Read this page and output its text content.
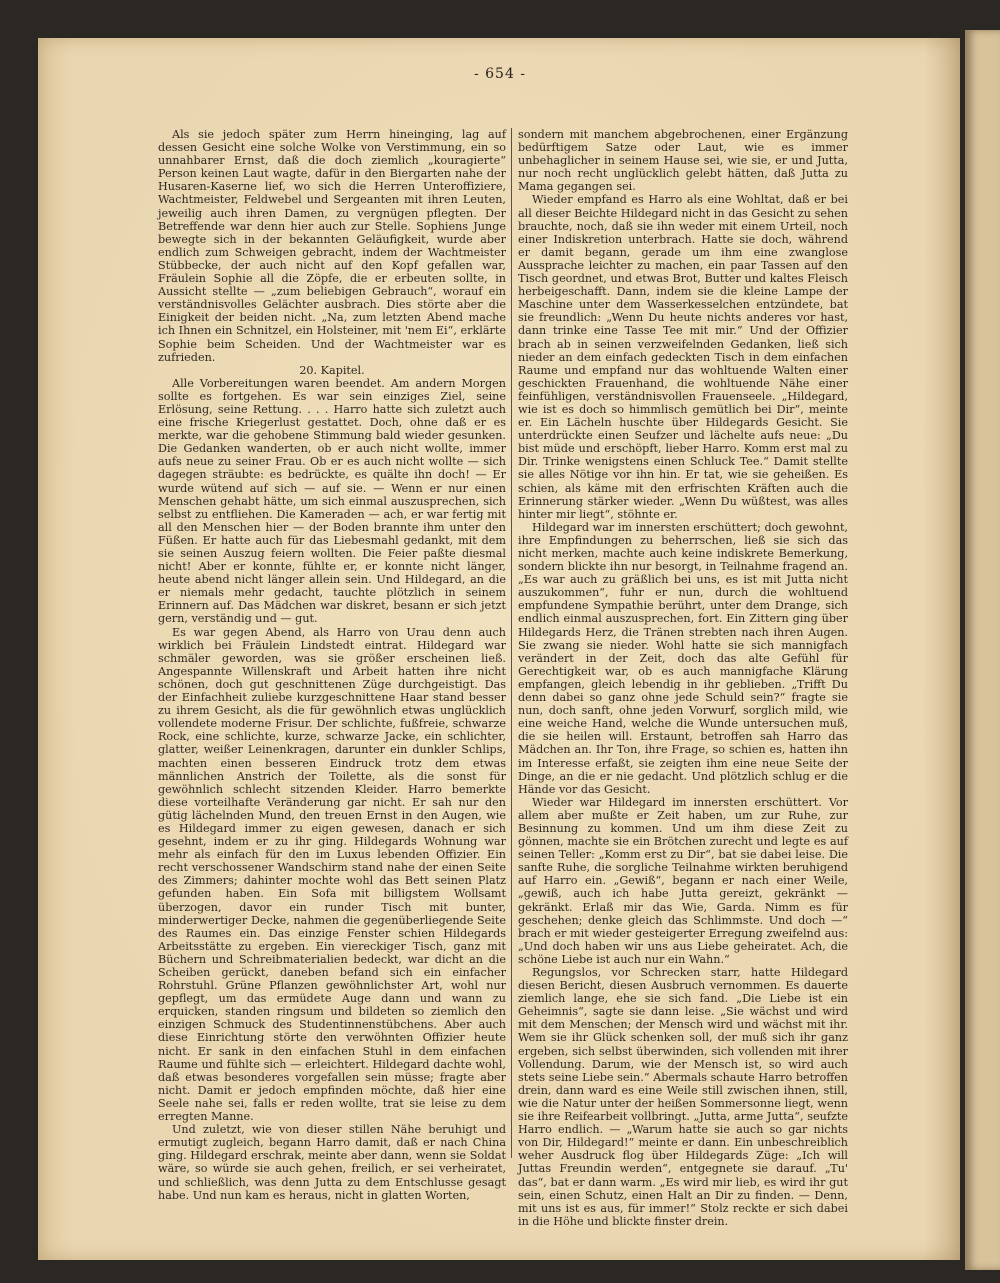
- 654 -

Als sie jedoch später zum Herrn hineinging, lag auf dessen Gesicht eine solche Wolke von Verstimmung, ein so unnahbarer Ernst, daß die doch ziemlich „kouragierte“ Person keinen Laut wagte, dafür in den Biergarten nahe der Husaren-Kaserne lief, wo sich die Herren Unteroffiziere, Wachtmeister, Feldwebel und Sergeanten mit ihren Leuten, jeweilig auch ihren Damen, zu vergnügen pflegten. Der Betreffende war denn hier auch zur Stelle. Sophiens Junge bewegte sich in der bekannten Geläufigkeit, wurde aber endlich zum Schweigen gebracht, indem der Wachtmeister Stübbecke, der auch nicht auf den Kopf gefallen war, Fräulein Sophie all die Zöpfe, die er erbeuten sollte, in Aussicht stellte — „zum beliebigen Gebrauch“, worauf ein verständnisvolles Gelächter ausbrach. Dies störte aber die Einigkeit der beiden nicht. „Na, zum letzten Abend mache ich Ihnen ein Schnitzel, ein Holsteiner, mit 'nem Ei“, erklärte Sophie beim Scheiden. Und der Wachtmeister war es zufrieden.

20. Kapitel.

Alle Vorbereitungen waren beendet. Am andern Morgen sollte es fortgehen. Es war sein einziges Ziel, seine Erlösung, seine Rettung. . . . Harro hatte sich zuletzt auch eine frische Kriegerlust gestattet. Doch, ohne daß er es merkte, war die gehobene Stimmung bald wieder gesunken. Die Gedanken wanderten, ob er auch nicht wollte, immer aufs neue zu seiner Frau. Ob er es auch nicht wollte — sich dagegen sträubte: es bedrückte, es quälte ihn doch! — Er wurde wütend auf sich — auf sie. — Wenn er nur einen Menschen gehabt hätte, um sich einmal auszusprechen, sich selbst zu entfliehen. Die Kameraden — ach, er war fertig mit all den Menschen hier — der Boden brannte ihm unter den Füßen. Er hatte auch für das Liebesmahl gedankt, mit dem sie seinen Auszug feiern wollten. Die Feier paßte diesmal nicht! Aber er konnte, fühlte er, er konnte nicht länger, heute abend nicht länger allein sein. Und Hildegard, an die er niemals mehr gedacht, tauchte plötzlich in seinem Erinnern auf. Das Mädchen war diskret, besann er sich jetzt gern, verständig und — gut.

Es war gegen Abend, als Harro von Urau denn auch wirklich bei Fräulein Lindstedt eintrat. Hildegard war schmäler geworden, was sie größer erscheinen ließ. Angespannte Willenskraft und Arbeit hatten ihre nicht schönen, doch gut geschnittenen Züge durchgeistigt. Das der Einfachheit zuliebe kurzgeschnittene Haar stand besser zu ihrem Gesicht, als die für gewöhnlich etwas unglücklich vollendete moderne Frisur. Der schlichte, fußfreie, schwarze Rock, eine schlichte, kurze, schwarze Jacke, ein schlichter, glatter, weißer Leinenkragen, darunter ein dunkler Schlips, machten einen besseren Eindruck trotz dem etwas männlichen Anstrich der Toilette, als die sonst für gewöhnlich schlecht sitzenden Kleider. Harro bemerkte diese vorteilhafte Veränderung gar nicht. Er sah nur den gütig lächelnden Mund, den treuen Ernst in den Augen, wie es Hildegard immer zu eigen gewesen, danach er sich gesehnt, indem er zu ihr ging. Hildegards Wohnung war mehr als einfach für den im Luxus lebenden Offizier. Ein recht verschossener Wandschirm stand nahe der einen Seite des Zimmers; dahinter mochte wohl das Bett seinen Platz gefunden haben. Ein Sofa mit billigstem Wollsamt überzogen, davor ein runder Tisch mit bunter, minderwertiger Decke, nahmen die gegenüberliegende Seite des Raumes ein. Das einzige Fenster schien Hildegards Arbeitsstätte zu ergeben. Ein viereckiger Tisch, ganz mit Büchern und Schreibmaterialien bedeckt, war dicht an die Scheiben gerückt, daneben befand sich ein einfacher Rohrstuhl. Grüne Pflanzen gewöhnlichster Art, wohl nur gepflegt, um das ermüdete Auge dann und wann zu erquicken, standen ringsum und bildeten so ziemlich den einzigen Schmuck des Studentinnenstübchens. Aber auch diese Einrichtung störte den verwöhnten Offizier heute nicht. Er sank in den einfachen Stuhl in dem einfachen Raume und fühlte sich — erleichtert. Hildegard dachte wohl, daß etwas besonderes vorgefallen sein müsse; fragte aber nicht. Damit er jedoch empfinden möchte, daß hier eine Seele nahe sei, falls er reden wollte, trat sie leise zu dem erregten Manne.

Und zuletzt, wie von dieser stillen Nähe beruhigt und ermutigt zugleich, begann Harro damit, daß er nach China ging. Hildegard erschrak, meinte aber dann, wenn sie Soldat wäre, so würde sie auch gehen, freilich, er sei verheiratet, und schließlich, was denn Jutta zu dem Entschlusse gesagt habe. Und nun kam es heraus, nicht in glatten Worten,

sondern mit manchem abgebrochenen, einer Ergänzung bedürftigem Satze oder Laut, wie es immer unbehaglicher in seinem Hause sei, wie sie, er und Jutta, nur noch recht unglücklich gelebt hätten, daß Jutta zu Mama gegangen sei.

Wieder empfand es Harro als eine Wohltat, daß er bei all dieser Beichte Hildegard nicht in das Gesicht zu sehen brauchte, noch, daß sie ihn weder mit einem Urteil, noch einer Indiskretion unterbrach. Hatte sie doch, während er damit begann, gerade um ihm eine zwanglose Aussprache leichter zu machen, ein paar Tassen auf den Tisch geordnet, und etwas Brot, Butter und kaltes Fleisch herbeigeschafft. Dann, indem sie die kleine Lampe der Maschine unter dem Wasserkesselchen entzündete, bat sie freundlich: „Wenn Du heute nichts anderes vor hast, dann trinke eine Tasse Tee mit mir.“ Und der Offizier brach ab in seinen verzweifelnden Gedanken, ließ sich nieder an dem einfach gedeckten Tisch in dem einfachen Raume und empfand nur das wohltuende Walten einer geschickten Frauenhand, die wohltuende Nähe einer feinfühligen, verständnisvollen Frauenseele. „Hildegard, wie ist es doch so himmlisch gemütlich bei Dir“, meinte er. Ein Lächeln huschte über Hildegards Gesicht. Sie unterdrückte einen Seufzer und lächelte aufs neue: „Du bist müde und erschöpft, lieber Harro. Komm erst mal zu Dir. Trinke wenigstens einen Schluck Tee.“ Damit stellte sie alles Nötige vor ihn hin. Er tat, wie sie geheißen. Es schien, als käme mit den erfrischten Kräften auch die Erinnerung stärker wieder. „Wenn Du wüßtest, was alles hinter mir liegt“, stöhnte er.

Hildegard war im innersten erschüttert; doch gewohnt, ihre Empfindungen zu beherrschen, ließ sie sich das nicht merken, machte auch keine indiskrete Bemerkung, sondern blickte ihn nur besorgt, in Teilnahme fragend an. „Es war auch zu gräßlich bei uns, es ist mit Jutta nicht auszukommen“, fuhr er nun, durch die wohltuend empfundene Sympathie berührt, unter dem Drange, sich endlich einmal auszusprechen, fort. Ein Zittern ging über Hildegards Herz, die Tränen strebten nach ihren Augen. Sie zwang sie nieder. Wohl hatte sie sich mannigfach verändert in der Zeit, doch das alte Gefühl für Gerechtigkeit war, ob es auch mannigfache Klärung empfangen, gleich lebendig in ihr geblieben. „Trifft Du denn dabei so ganz ohne jede Schuld sein?“ fragte sie nun, doch sanft, ohne jeden Vorwurf, sorglich mild, wie eine weiche Hand, welche die Wunde untersuchen muß, die sie heilen will. Erstaunt, betroffen sah Harro das Mädchen an. Ihr Ton, ihre Frage, so schien es, hatten ihn im Interesse erfaßt, sie zeigten ihm eine neue Seite der Dinge, an die er nie gedacht. Und plötzlich schlug er die Hände vor das Gesicht.

Wieder war Hildegard im innersten erschüttert. Vor allem aber mußte er Zeit haben, um zur Ruhe, zur Besinnung zu kommen. Und um ihm diese Zeit zu gönnen, machte sie ein Brötchen zurecht und legte es auf seinen Teller: „Komm erst zu Dir“, bat sie dabei leise. Die sanfte Ruhe, die sorgliche Teilnahme wirkten beruhigend auf Harro ein. „Gewiß“, begann er nach einer Weile, „gewiß, auch ich habe Jutta gereizt, gekränkt — gekränkt. Erlaß mir das Wie, Garda. Nimm es für geschehen; denke gleich das Schlimmste. Und doch —“ brach er mit wieder gesteigerter Erregung zweifelnd aus: „Und doch haben wir uns aus Liebe geheiratet. Ach, die schöne Liebe ist auch nur ein Wahn.“

Regungslos, vor Schrecken starr, hatte Hildegard diesen Bericht, diesen Ausbruch vernommen. Es dauerte ziemlich lange, ehe sie sich fand. „Die Liebe ist ein Geheimnis“, sagte sie dann leise. „Sie wächst und wird mit dem Menschen; der Mensch wird und wächst mit ihr. Wem sie ihr Glück schenken soll, der muß sich ihr ganz ergeben, sich selbst überwinden, sich vollenden mit ihrer Vollendung. Darum, wie der Mensch ist, so wird auch stets seine Liebe sein.“ Abermals schaute Harro betroffen drein, dann ward es eine Weile still zwischen ihnen, still, wie die Natur unter der heißen Sommersonne liegt, wenn sie ihre Reifearbeit vollbringt. „Jutta, arme Jutta“, seufzte Harro endlich. — „Warum hatte sie auch so gar nichts von Dir, Hildegard!“ meinte er dann. Ein unbeschreiblich weher Ausdruck flog über Hildegards Züge: „Ich will Juttas Freundin werden“, entgegnete sie darauf. „Tu' das“, bat er dann warm. „Es wird mir lieb, es wird ihr gut sein, einen Schutz, einen Halt an Dir zu finden. — Denn, mit uns ist es aus, für immer!“ Stolz reckte er sich dabei in die Höhe und blickte finster drein.
